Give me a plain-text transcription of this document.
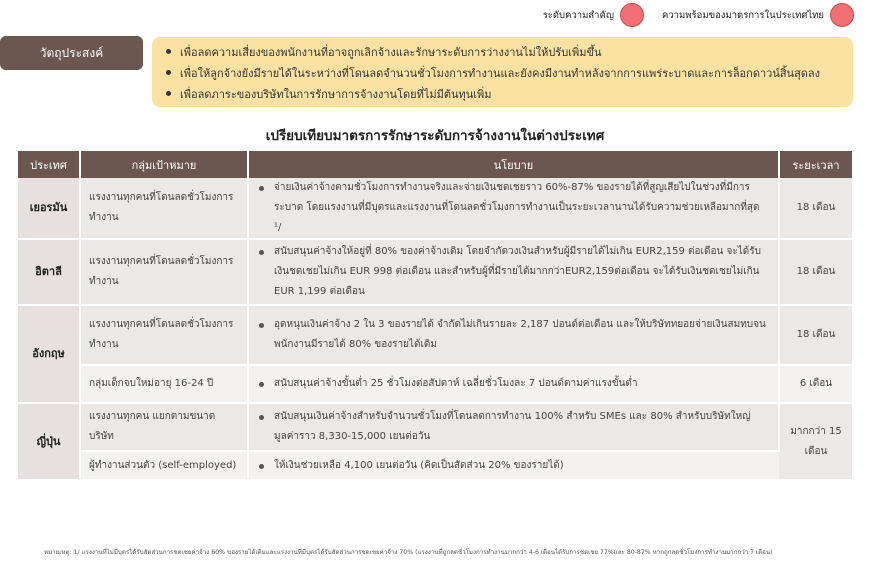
ระดับความสำคัญ	ความพร้อมของมาตรการในประเทศไทย
วัตถุประสงค์	เพื่อลดความเสี่ยงของพนักงานที่อาจถูกเลิกจ้างและรักษาระดับการว่างงานไม่ให้ปรับเพิ่มขึ้น
เพื่อให้ลูกจ้างยังมีรายได้ในระหว่างที่โดนลดจำนวนชั่วโมงการทำงานและยังคงมีงานทำหลังจากการแพร่ระบาดและการล็อกดาวน์สิ้นสุดลง
เพื่อลดภาระของบริษัทในการรักษาการจ้างงานโดยที่ไม่มีต้นทุนเพิ่ม
เปรียบเทียบมาตรการรักษาระดับการจ้างงานในต่างประเทศ
ประเทศ	กลุ่มเป้าหมาย	นโยบาย	ระยะเวลา
เยอรมัน	แรงงานทุกคนที่โดนลดชั่วโมงการทำงาน	จ่ายเงินค่าจ้างตามชั่วโมงการทำงานจริงและจ่ายเงินชดเชยราว 60%-87% ของรายได้ที่สูญเสียไปในช่วงที่มีการระบาด โดยแรงงานที่มีบุตรและแรงงานที่โดนลดชั่วโมงการทำงานเป็นระยะเวลานานได้รับความช่วยเหลือมากที่สุด ¹/	18 เดือน
อิตาลี	แรงงานทุกคนที่โดนลดชั่วโมงการทำงาน	สนับสนุนค่าจ้างให้อยู่ที่ 80% ของค่าจ้างเดิม โดยจำกัดวงเงินสำหรับผู้มีรายได้ไม่เกิน EUR2,159 ต่อเดือน จะได้รับเงินชดเชยไม่เกิน EUR 998 ต่อเดือน และสำหรับผู้ที่มีรายได้มากกว่าEUR2,159ต่อเดือน จะได้รับเงินชดเชยไม่เกิน EUR 1,199 ต่อเดือน	18 เดือน
อังกฤษ	แรงงานทุกคนที่โดนลดชั่วโมงการทำงาน	อุดหนุนเงินค่าจ้าง 2 ใน 3 ของรายได้ จำกัดไม่เกินรายละ 2,187 ปอนด์ต่อเดือน และให้บริษัททยอยจ่ายเงินสมทบจนพนักงานมีรายได้ 80% ของรายได้เดิม	18 เดือน
	กลุ่มเด็กจบใหม่อายุ 16-24 ปี	สนับสนุนค่าจ้างขั้นต่ำ 25 ชั่วโมงต่อสัปดาห์ เฉลี่ยชั่วโมงละ 7 ปอนด์ตามค่าแรงขั้นต่ำ	6 เดือน
ญี่ปุ่น	แรงงานทุกคน แยกตามขนาดบริษัท	สนับสนุนเงินค่าจ้างสำหรับจำนวนชั่วโมงที่โดนลดการทำงาน 100% สำหรับ SMEs และ 80% สำหรับบริษัทใหญ่ มูลค่าราว 8,330-15,000 เยนต่อวัน	มากกว่า 15 เดือน
	ผู้ทำงานส่วนตัว (self-employed)	ให้เงินช่วยเหลือ 4,100 เยนต่อวัน (คิดเป็นสัดส่วน 20% ของรายได้)	
หมายเหตุ: 1/ แรงงานที่ไม่มีบุตรได้รับสัดส่วนการชดเชยค่าจ้าง 60% ของรายได้เดิมและแรงงานที่มีบุตรได้รับสัดส่วนการชดเชยค่าจ้าง 70% (แรงงานที่ถูกลดชั่วโมงการทำงานมากกว่า 4-6 เดือนได้รับการชดเชย 77%และ 80-87% หากถูกลดชั่วโมงการทำงานมากกว่า 7 เดือน)
